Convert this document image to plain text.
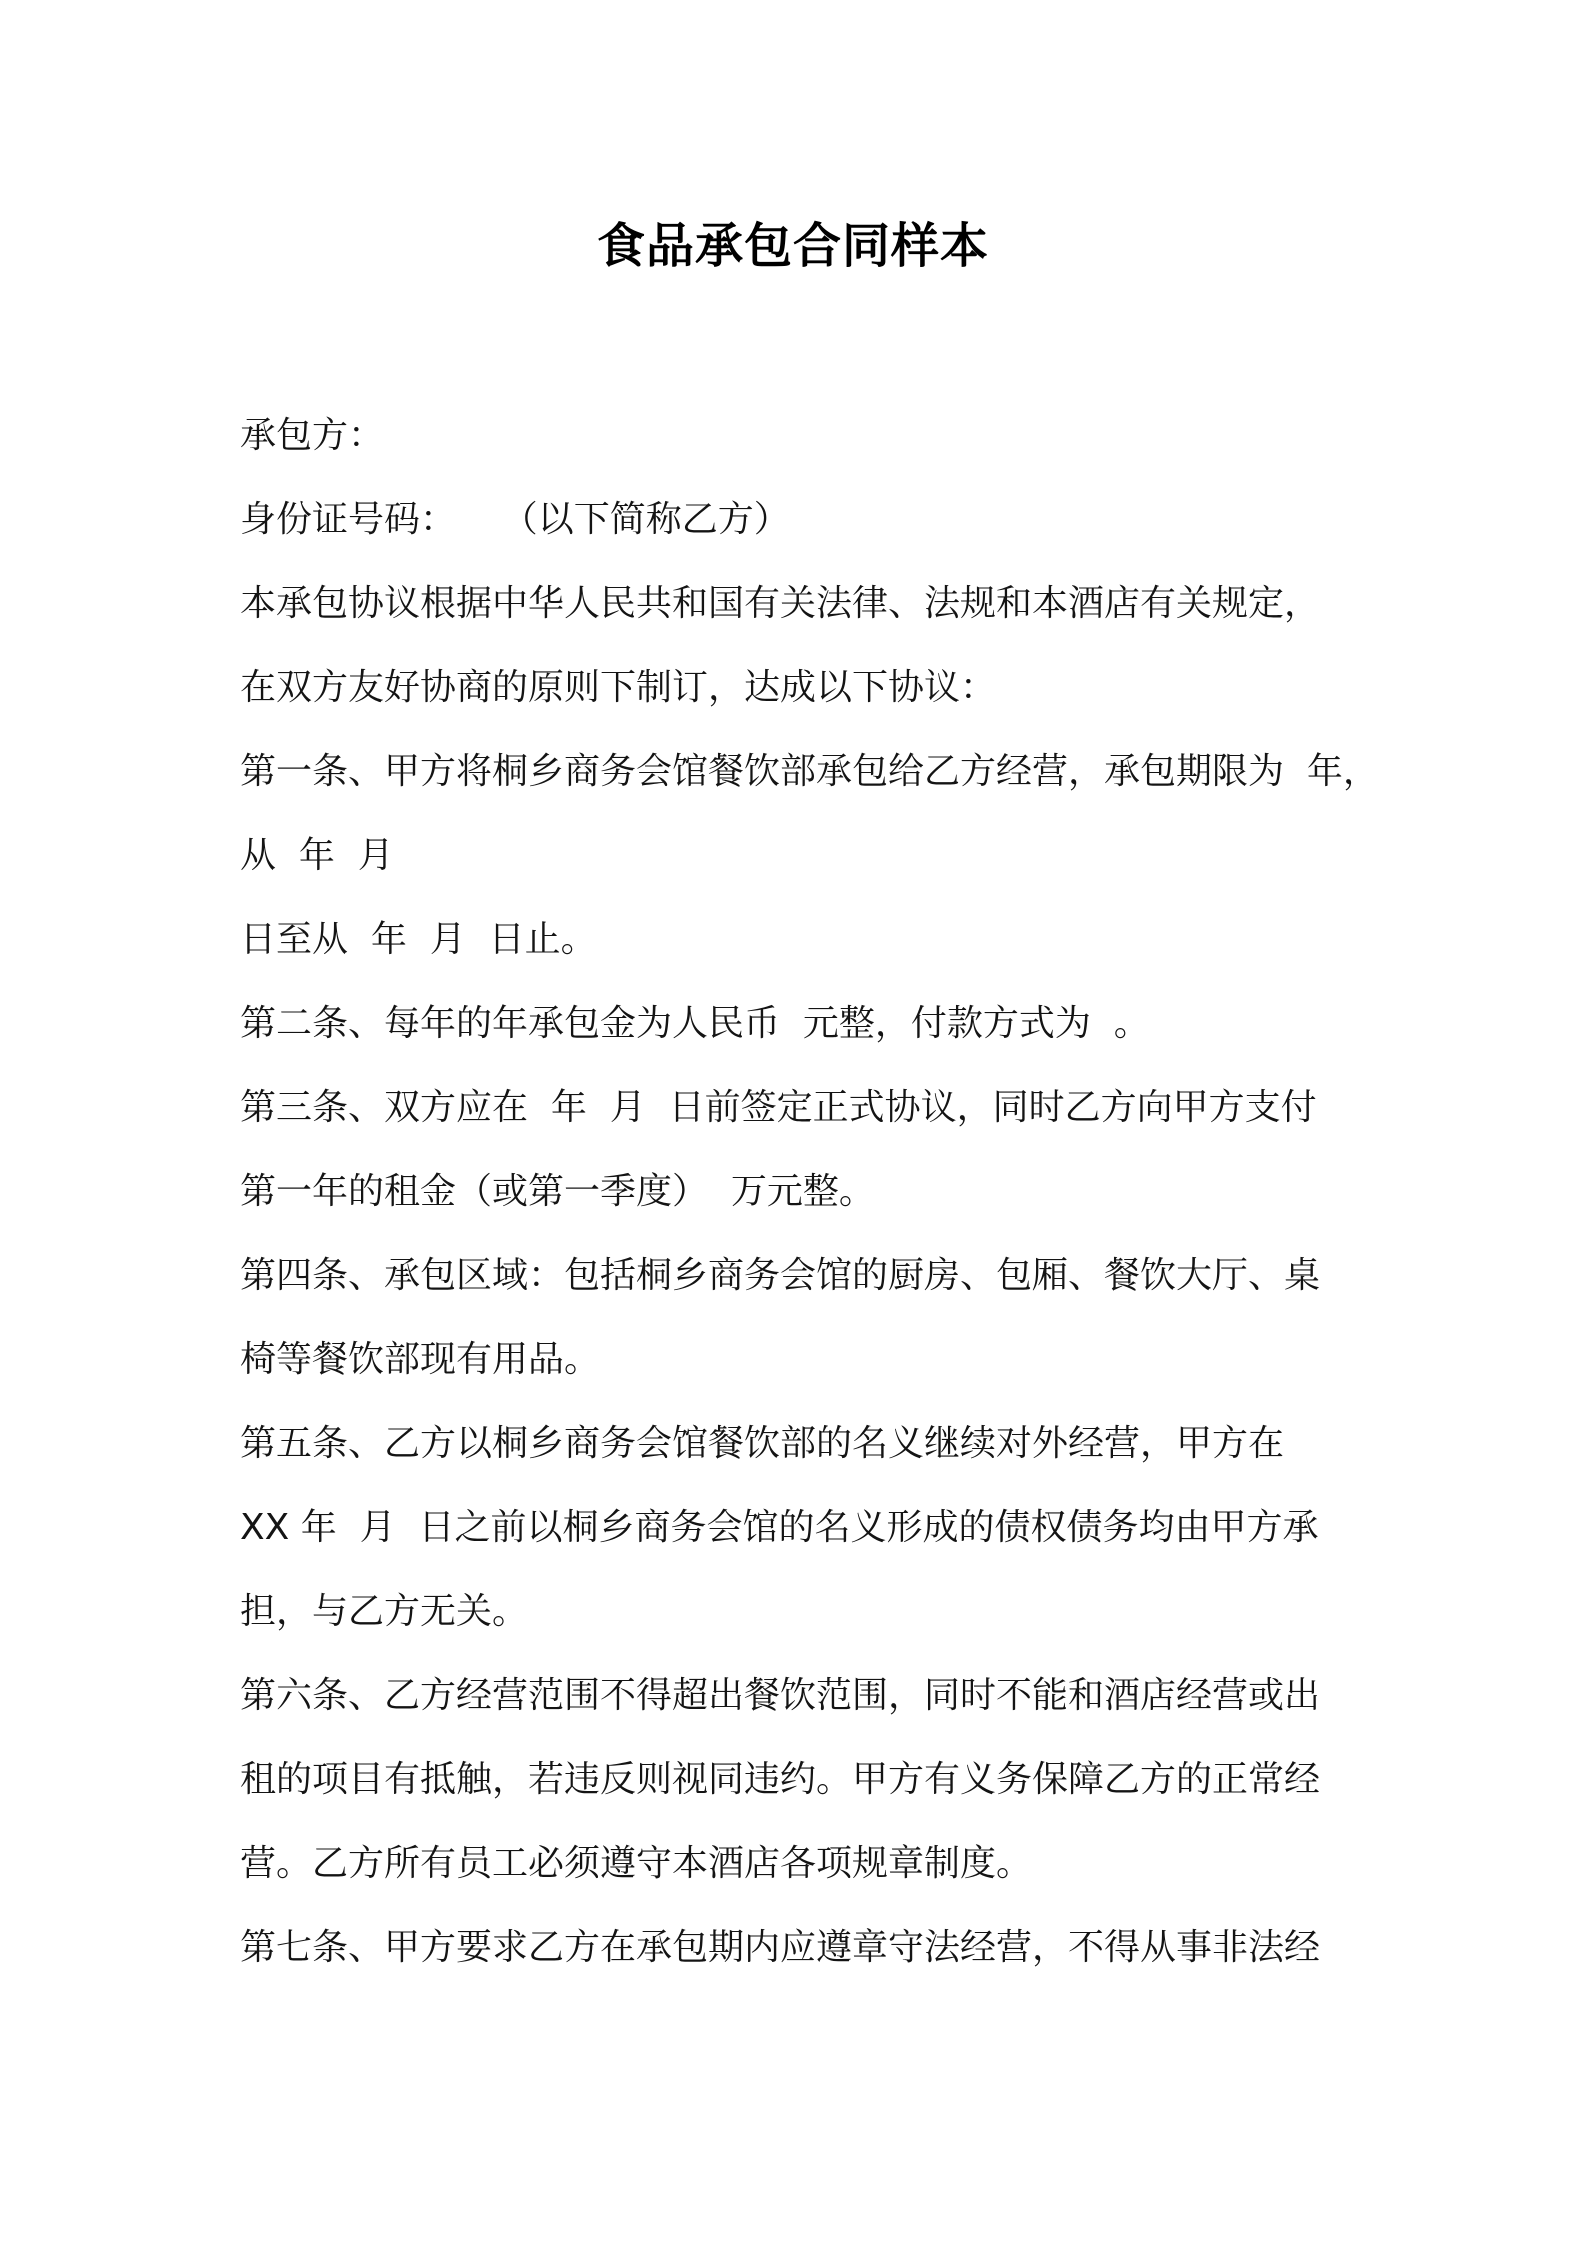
食品承包合同样本
承包方：
身份证号码：    （以下简称乙方）
本承包协议根据中华人民共和国有关法律、法规和本酒店有关规定，
在双方友好协商的原则下制订，达成以下协议：
第一条、甲方将桐乡商务会馆餐饮部承包给乙方经营，承包期限为  年，
从  年  月
日至从  年  月  日止。
第二条、每年的年承包金为人民币  元整，付款方式为  。
第三条、双方应在  年  月  日前签定正式协议，同时乙方向甲方支付
第一年的租金（或第一季度）  万元整。
第四条、承包区域：包括桐乡商务会馆的厨房、包厢、餐饮大厅、桌
椅等餐饮部现有用品。
第五条、乙方以桐乡商务会馆餐饮部的名义继续对外经营，甲方在
XX 年  月  日之前以桐乡商务会馆的名义形成的债权债务均由甲方承
担，与乙方无关。
第六条、乙方经营范围不得超出餐饮范围，同时不能和酒店经营或出
租的项目有抵触，若违反则视同违约。甲方有义务保障乙方的正常经
营。乙方所有员工必须遵守本酒店各项规章制度。
第七条、甲方要求乙方在承包期内应遵章守法经营，不得从事非法经
